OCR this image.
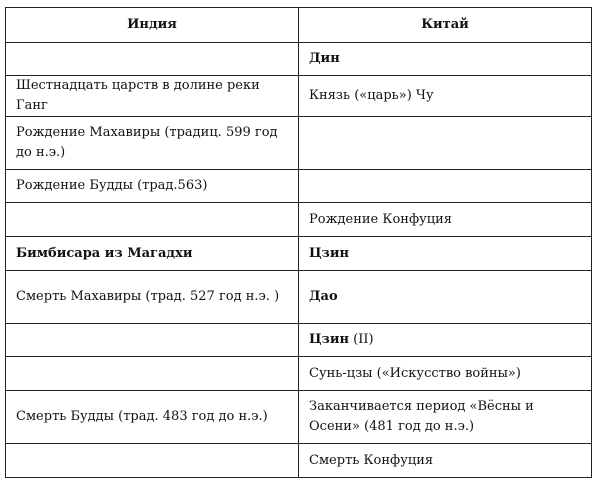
Индия	Китай
	Дин
Шестнадцать царств в долине реки Ганг	Князь («царь») Чу
Рождение Махавиры (традиц. 599 год до н.э.)	
Рождение Будды (трад.563)	
	Рождение Конфуция
Бимбисара из Магадхи	Цзин
Смерть Махавиры (трад. 527 год н.э. )	Дао
	Цзин (II)
	Сунь-цзы («Искусство войны»)
Смерть Будды (трад. 483 год до н.э.)	Заканчивается период «Вёсны и Осени» (481 год до н.э.)
	Смерть Конфуция
